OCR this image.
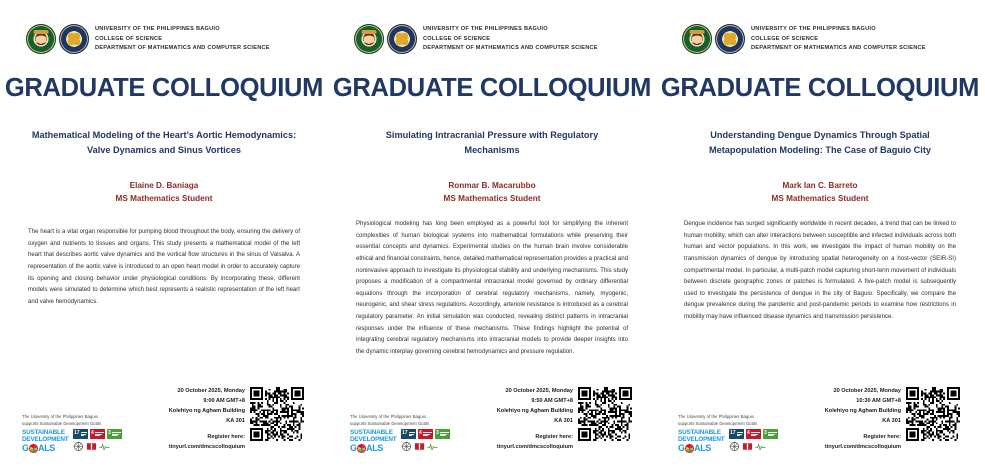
UNIVERSITY OF THE PHILIPPINES BAGUIO
COLLEGE OF SCIENCE
DEPARTMENT OF MATHEMATICS AND COMPUTER SCIENCE
GRADUATE COLLOQUIUM
Mathematical Modeling of the Heart’s Aortic Hemodynamics: Valve Dynamics and Sinus Vortices
Elaine D. Baniaga
MS Mathematics Student
The heart is a vital organ responsible for pumping blood throughout the body, ensuring the delivery of oxygen and nutrients to tissues and organs. This study presents a mathematical model of the left heart that describes aortic valve dynamics and the vortical flow structures in the sinus of Valsalva. A representation of the aortic valve is introduced to an open heart model in order to accurately capture its opening and closing behavior under physiological conditions. By incorporating these, different models were simulated to determine which best represents a realistic representation of the left heart and valve hemodynamics.
The University of the Philippines Baguio
supports Sustainable Development Goals
SUSTAINABLE
DEVELOPMENT
G ALS
17 4	3
20 October 2025, Monday
9:00 AM GMT+8
Kolehiyo ng Agham Building
KA 301
Register here:
tinyurl.com/dmcscolloquium
UNIVERSITY OF THE PHILIPPINES BAGUIO
COLLEGE OF SCIENCE
DEPARTMENT OF MATHEMATICS AND COMPUTER SCIENCE
GRADUATE COLLOQUIUM
Simulating Intracranial Pressure with Regulatory Mechanisms
Ronmar B. Macarubbo
MS Mathematics Student
Physiological modeling has long been employed as a powerful tool for simplifying the inherent complexities of human biological systems into mathematical formulations while preserving their essential concepts and dynamics. Experimental studies on the human brain involve considerable ethical and financial constraints, hence, detailed mathematical representation provides a practical and noninvasive approach to investigate its physiological stability and underlying mechanisms. This study proposes a modification of a compartmental intracranial model governed by ordinary differential equations through the incorporation of cerebral regulatory mechanisms, namely, myogenic, neurogenic, and shear stress regulations. Accordingly, arteriole resistance is introduced as a cerebral regulatory parameter. An initial simulation was conducted, revealing distinct patterns in intracranial responses under the influence of these mechanisms. These findings highlight the potential of integrating cerebral regulatory mechanisms into intracranial models to provide deeper insights into the dynamic interplay governing cerebral hemodynamics and pressure regulation.
The University of the Philippines Baguio
supports Sustainable Development Goals
SUSTAINABLE
DEVELOPMENT
G ALS
17 4	3
20 October 2025, Monday
9:50 AM GMT+8
Kolehiyo ng Agham Building
KA 301
Register here:
tinyurl.com/dmcscolloquium
UNIVERSITY OF THE PHILIPPINES BAGUIO
COLLEGE OF SCIENCE
DEPARTMENT OF MATHEMATICS AND COMPUTER SCIENCE
GRADUATE COLLOQUIUM
Understanding Dengue Dynamics Through Spatial Metapopulation Modeling: The Case of Baguio City
Mark Ian C. Barreto
MS Mathematics Student
Dengue incidence has surged significantly worldwide in recent decades, a trend that can be linked to human mobility, which can alter interactions between susceptible and infected individuals across both human and vector populations. In this work, we investigate the impact of human mobility on the transmission dynamics of dengue by introducing spatial heterogeneity on a host-vector (SEIR-SI) compartmental model. In particular, a multi-patch model capturing short-term movement of individuals between discrete geographic zones or patches is formulated. A five-patch model is subsequently used to investigate the persistence of dengue in the city of Baguio. Specifically, we compare the dengue prevalence during the pandemic and post-pandemic periods to examine how restrictions in mobility may have influenced disease dynamics and transmission persistence.
The University of the Philippines Baguio
supports Sustainable Development Goals
SUSTAINABLE
DEVELOPMENT
G ALS
17 4	3
20 October 2025, Monday
10:30 AM GMT+8
Kolehiyo ng Agham Building
KA 301
Register here:
tinyurl.com/dmcscolloquium
